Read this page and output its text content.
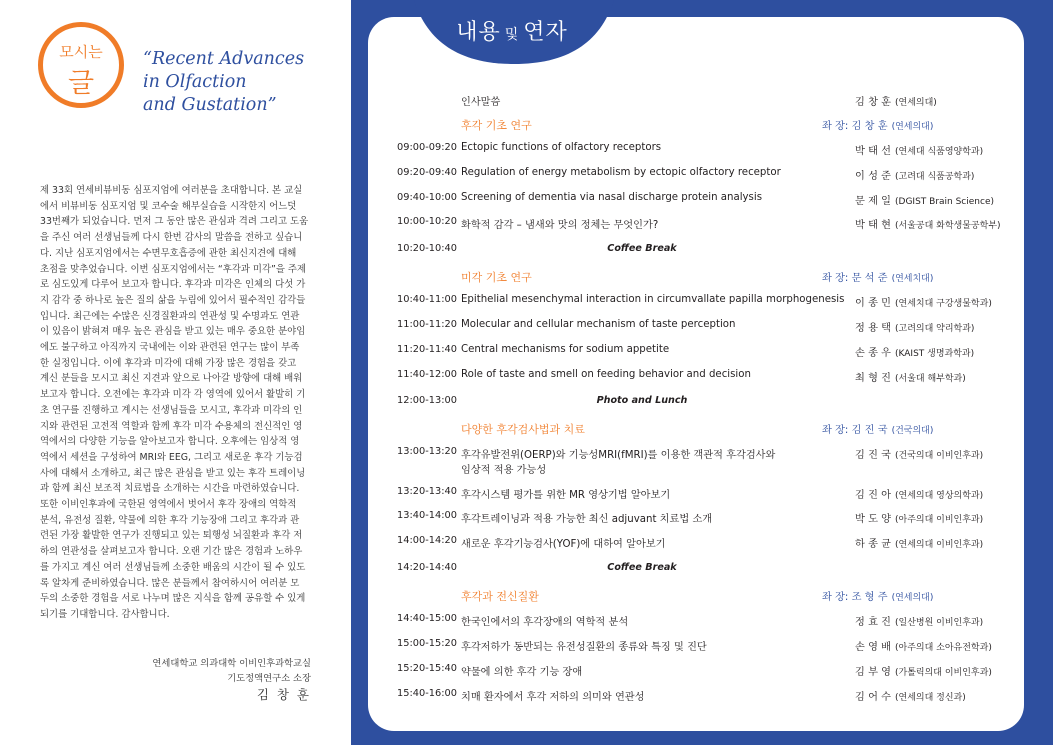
모시는
글
“Recent Advances
in Olfaction
and Gustation”
제 33회 연세비뷰비동 심포지엄에 여러분을 초대합니다. 본 교실
에서 비뷰비동 심포지엄 및 코수술 해부실습을 시작한지 어느덧
33번째가 되었습니다. 먼저 그 동안 많은 관심과 격려 그리고 도움
을 주신 여러 선생님들께 다시 한번 감사의 말씀을 전하고 싶습니
다. 지난 심포지엄에서는 수면무호흡증에 관한 최신지견에 대해
초점을 맞추었습니다. 이번 심포지엄에서는 “후각과 미각”을 주제
로 심도있게 다루어 보고자 합니다. 후각과 미각은 인체의 다섯 가
지 감각 중 하나로 높은 질의 삶을 누림에 있어서 필수적인 감각들
입니다. 최근에는 수많은 신경질환과의 연관성 및 수명과도 연관
이 있음이 밝혀져 매우 높은 관심을 받고 있는 매우 중요한 분야임
에도 불구하고 아직까지 국내에는 이와 관련된 연구는 많이 부족
한 실정입니다. 이에 후각과 미각에 대해 가장 많은 경험을 갖고
계신 분들을 모시고 최신 지견과 앞으로 나아갈 방향에 대해 배워
보고자 합니다. 오전에는 후각과 미각 각 영역에 있어서 활발히 기
초 연구를 진행하고 계시는 선생님들을 모시고, 후각과 미각의 인
지와 관련된 고전적 역할과 함께 후각 미각 수용체의 전신적인 영
역에서의 다양한 기능을 알아보고자 합니다. 오후에는 임상적 영
역에서 세션을 구성하여 MRI와 EEG, 그리고 새로운 후각 기능검
사에 대해서 소개하고, 최근 많은 관심을 받고 있는 후각 트레이닝
과 함께 최신 보조적 치료법을 소개하는 시간을 마련하였습니다.
또한 이비인후과에 국한된 영역에서 벗어서 후각 장애의 역학적
분석, 유전성 질환, 약물에 의한 후각 기능장애 그리고 후각과 관
련된 가장 활발한 연구가 진행되고 있는 퇴행성 뇌질환과 후각 저
하의 연관성을 살펴보고자 합니다. 오랜 기간 많은 경험과 노하우
를 가지고 계신 여러 선생님들께 소중한 배움의 시간이 될 수 있도
록 알차게 준비하였습니다. 많은 분들께서 참여하시어 여러분 모
두의 소중한 경험을 서로 나누며 많은 지식을 함께 공유할 수 있게
되기를 기대합니다. 감사합니다.
연세대학교 의과대학 이비인후과학교실
기도정액연구소 소장
김 창 훈
내용 및 연자
인사말씀	김 창 훈 (연세의대)
후각 기초 연구	좌 장: 김 창 훈 (연세의대)
09:00-09:20 Ectopic functions of olfactory receptors	박 태 선 (연세대 식품영양학과)
09:20-09:40 Regulation of energy metabolism by ectopic olfactory receptor	이 성 준 (고려대 식품공학과)
09:40-10:00 Screening of dementia via nasal discharge protein analysis	문 제 일 (DGIST Brain Science)
10:00-10:20 화학적 감각 – 냄새와 맛의 정체는 무엇인가?	박 태 현 (서울공대 화학생물공학부)
10:20-10:40	Coffee Break
미각 기초 연구	좌 장: 문 석 준 (연세치대)
10:40-11:00 Epithelial mesenchymal interaction in circumvallate papilla morphogenesis 이 종 민 (연세치대 구강생물학과)
11:00-11:20 Molecular and cellular mechanism of taste perception	정 용 택 (고려의대 약리학과)
11:20-11:40 Central mechanisms for sodium appetite	손 종 우 (KAIST 생명과학과)
11:40-12:00 Role of taste and smell on feeding behavior and decision	최 형 진 (서울대 해부학과)
12:00-13:00	Photo and Lunch
다양한 후각검사법과 치료	좌 장: 김 진 국 (건국의대)
13:00-13:20 후각유발전위(OERP)와 기능성MRI(fMRI)를 이용한 객관적 후각검사와
임상적 적용 가능성
김 진 국 (건국의대 이비인후과)
13:20-13:40 후각시스템 평가를 위한 MR 영상기법 알아보기	김 진 아 (연세의대 영상의학과)
13:40-14:00 후각트레이닝과 적용 가능한 최신 adjuvant 치료법 소개	박 도 양 (아주의대 이비인후과)
14:00-14:20 새로운 후각기능검사(YOF)에 대하여 알아보기	하 종 균 (연세의대 이비인후과)
14:20-14:40	Coffee Break
후각과 전신질환	좌 장: 조 형 주 (연세의대)
14:40-15:00 한국인에서의 후각장애의 역학적 분석	정 효 진 (일산병원 이비인후과)
15:00-15:20 후각저하가 동반되는 유전성질환의 종류와 특징 및 진단	손 영 배 (아주의대 소아유전학과)
15:20-15:40 약물에 의한 후각 기능 장애	김 부 영 (가톨릭의대 이비인후과)
15:40-16:00 치매 환자에서 후각 저하의 의미와 연관성	김 어 수 (연세의대 정신과)
